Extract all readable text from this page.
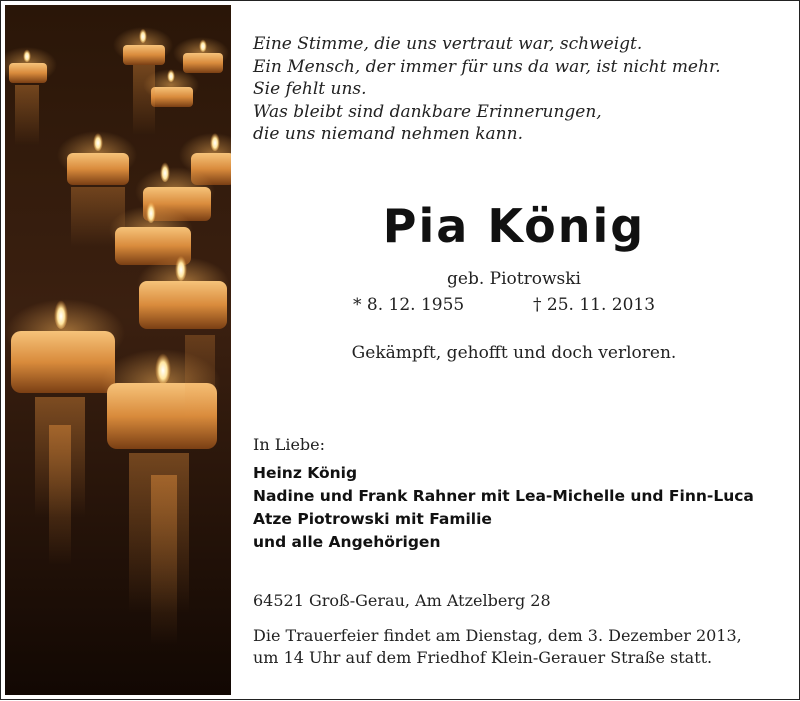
Eine Stimme, die uns vertraut war, schweigt.
Ein Mensch, der immer für uns da war, ist nicht mehr.
Sie fehlt uns.
Was bleibt sind dankbare Erinnerungen,
die uns niemand nehmen kann.
Pia König
geb. Piotrowski
* 8. 12. 1955	† 25. 11. 2013
Gekämpft, gehofft und doch verloren.
In Liebe:
Heinz König
Nadine und Frank Rahner mit Lea-Michelle und Finn-Luca
Atze Piotrowski mit Familie
und alle Angehörigen
64521 Groß-Gerau, Am Atzelberg 28
Die Trauerfeier findet am Dienstag, dem 3. Dezember 2013,
um 14 Uhr auf dem Friedhof Klein-Gerauer Straße statt.
